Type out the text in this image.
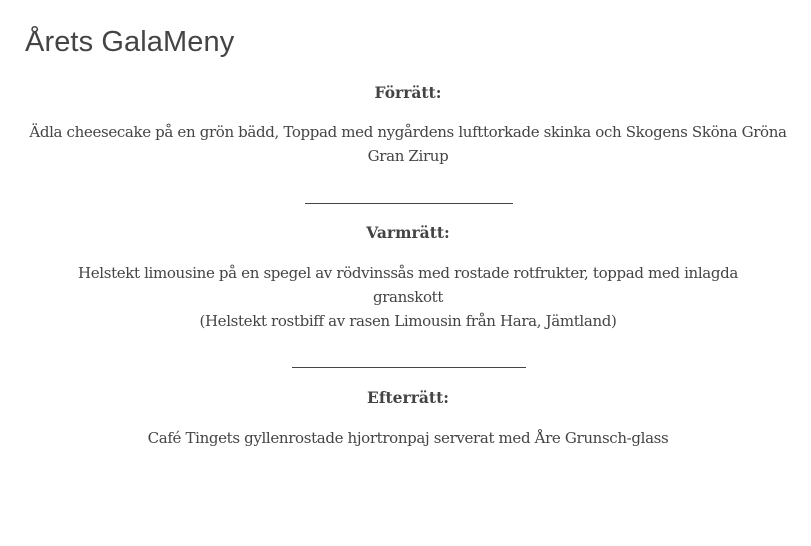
Årets GalaMeny
Förrätt:

Ädla cheesecake på en grön bädd, Toppad med nygårdens lufttorkade skinka och Skogens Sköna Gröna Gran Zirup

Varmrätt:

Helstekt limousine på en spegel av rödvinssås med rostade rotfrukter, toppad med inlagda granskott
(Helstekt rostbiff av rasen Limousin från Hara, Jämtland)

Efterrätt:

Café Tingets gyllenrostade hjortronpaj serverat med Åre Grunsch-glass
